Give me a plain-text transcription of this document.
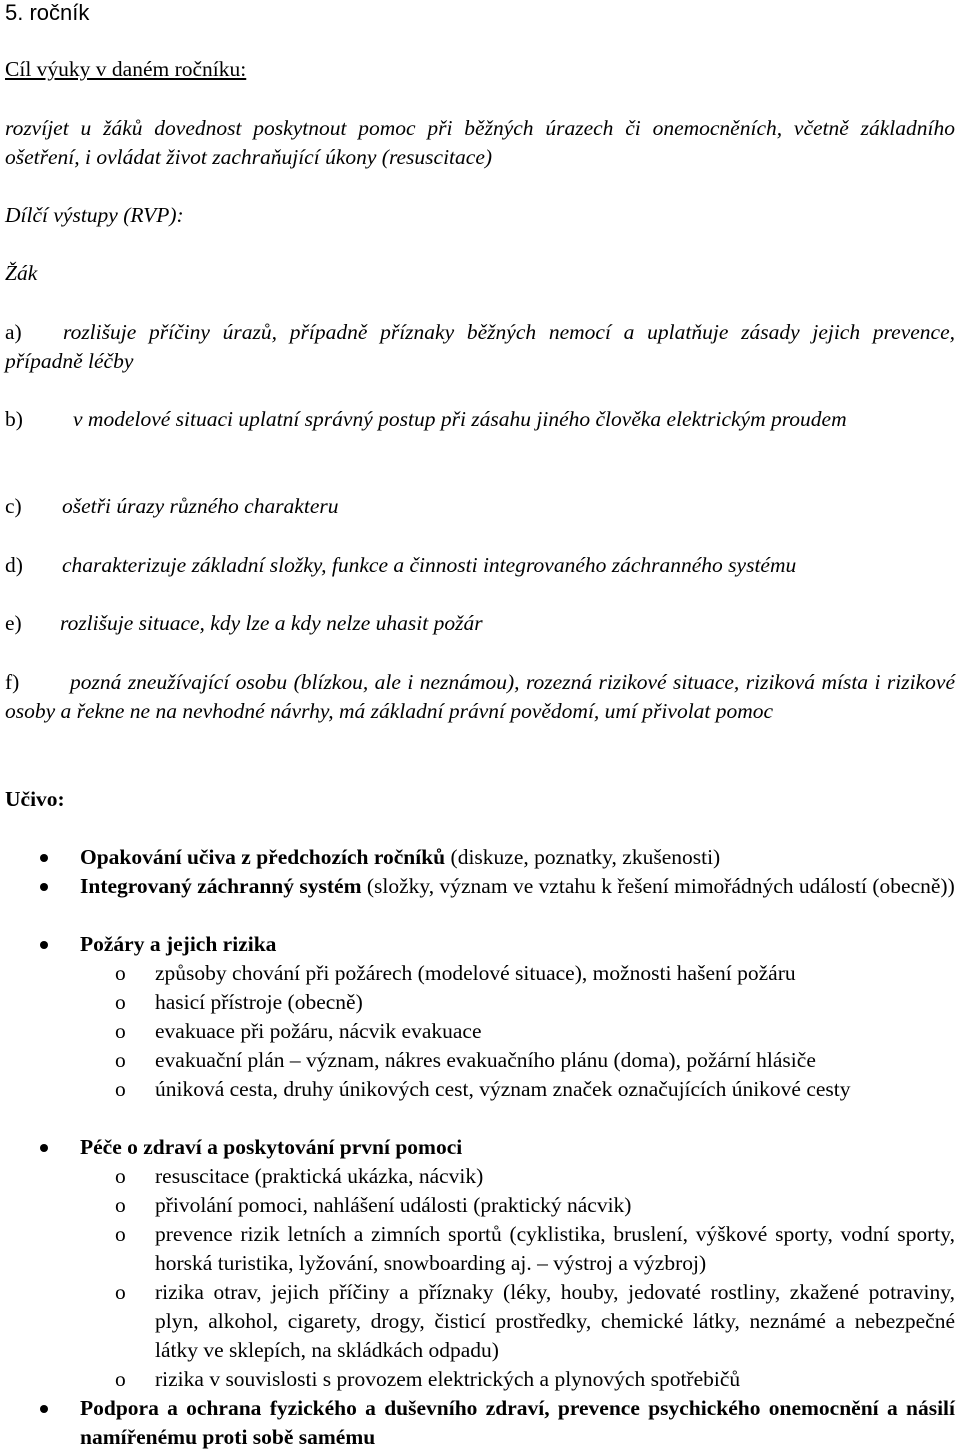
5. ročník
Cíl výuky v daném ročníku:
rozvíjet u žáků dovednost poskytnout pomoc při běžných úrazech či onemocněních, včetně základního ošetření, i ovládat život zachraňující úkony (resuscitace)
Dílčí výstupy (RVP):
Žák
a) rozlišuje příčiny úrazů, případně příznaky běžných nemocí a uplatňuje zásady jejich prevence, případně léčby
b) v modelové situaci uplatní správný postup při zásahu jiného člověka elektrickým proudem
c) ošetři úrazy různého charakteru
d) charakterizuje základní složky, funkce a činnosti integrovaného záchranného systému
e) rozlišuje situace, kdy lze a kdy nelze uhasit požár
f) pozná zneužívající osobu (blízkou, ale i neznámou), rozezná rizikové situace, riziková místa i rizikové osoby a řekne ne na nevhodné návrhy, má základní právní povědomí, umí přivolat pomoc
Učivo:
Opakování učiva z předchozích ročníků (diskuze, poznatky, zkušenosti)
Integrovaný záchranný systém (složky, význam ve vztahu k řešení mimořádných událostí (obecně))
Požáry a jejich rizika
o způsoby chování při požárech (modelové situace), možnosti hašení požáru
o hasicí přístroje (obecně)
o evakuace při požáru, nácvik evakuace
o evakuační plán – význam, nákres evakuačního plánu (doma), požární hlásiče
o úniková cesta, druhy únikových cest, význam značek označujících únikové cesty
Péče o zdraví a poskytování první pomoci
o resuscitace (praktická ukázka, nácvik)
o přivolání pomoci, nahlášení události (praktický nácvik)
o prevence rizik letních a zimních sportů (cyklistika, bruslení, výškové sporty, vodní sporty, horská turistika, lyžování, snowboarding aj. – výstroj a výzbroj)
o rizika otrav, jejich příčiny a příznaky (léky, houby, jedovaté rostliny, zkažené potraviny, plyn, alkohol, cigarety, drogy, čisticí prostředky, chemické látky, neznámé a nebezpečné látky ve sklepích, na skládkách odpadu)
o rizika v souvislosti s provozem elektrických a plynových spotřebičů
Podpora a ochrana fyzického a duševního zdraví, prevence psychického onemocnění a násilí namířenému proti sobě samému
